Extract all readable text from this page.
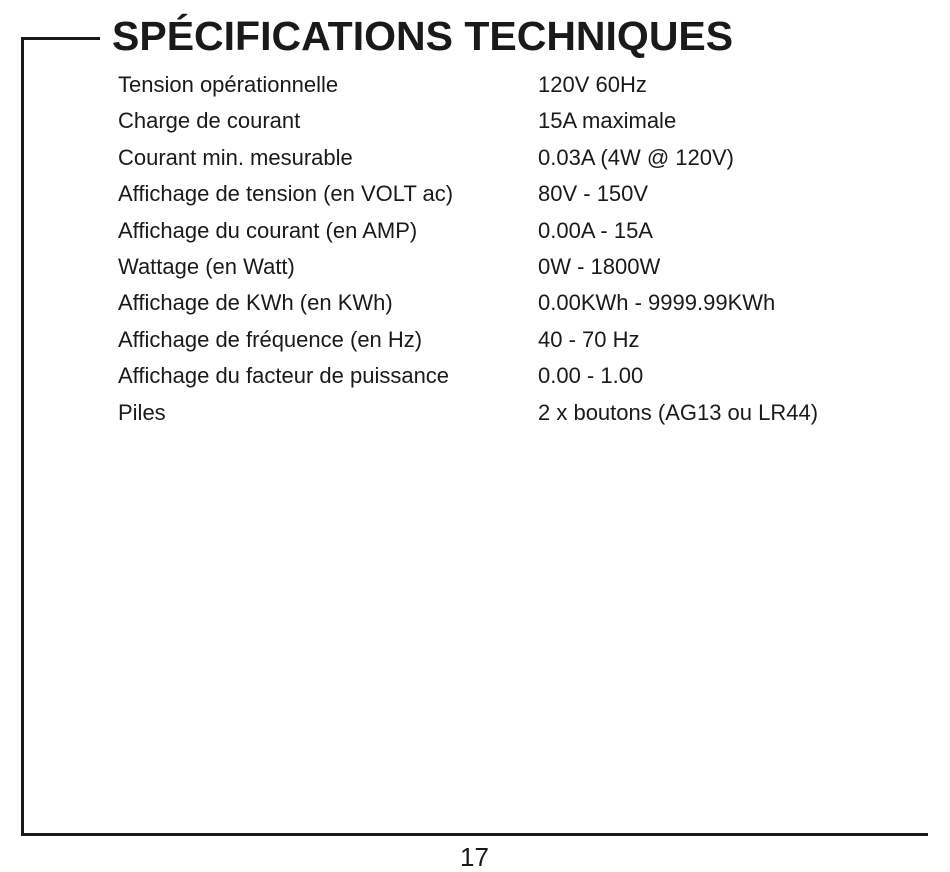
SPÉCIFICATIONS TECHNIQUES
Tension opérationnelle	120V 60Hz
Charge de courant	15A maximale
Courant min. mesurable	0.03A (4W @ 120V)
Affichage de tension (en VOLT ac)	80V - 150V
Affichage du courant (en AMP)	0.00A - 15A
Wattage (en Watt)	0W - 1800W
Affichage de KWh (en KWh)	0.00KWh - 9999.99KWh
Affichage de fréquence (en Hz)	40 - 70 Hz
Affichage du facteur de puissance	0.00 - 1.00
Piles	2 x boutons (AG13 ou LR44)
17
